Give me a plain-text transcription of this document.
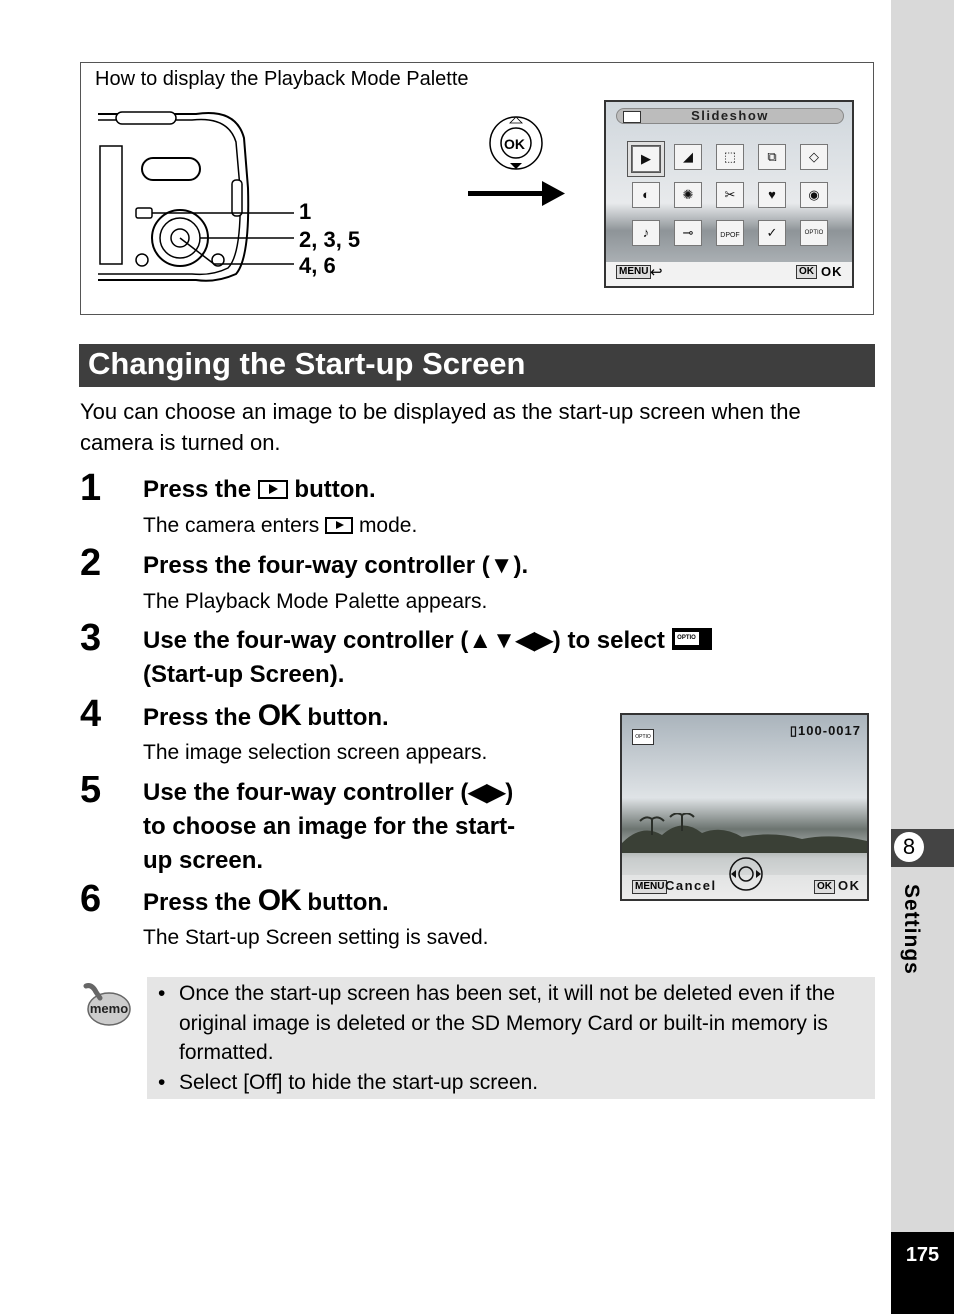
8
Settings
175
How to display the Playback Mode Palette
1
2, 3, 5
4, 6
OK
Slideshow
▶	◢	⬚	⧉	◇
◐	✺	✂	♥	◉
♪	⊸	DPOF	✓	OPTIO
MENU ↩	OK OK
Changing the Start-up Screen
You can choose an image to be displayed as the start-up screen when the camera is turned on.
1 Press the button.
The camera enters mode.
2 Press the four-way controller (▼).
The Playback Mode Palette appears.
3 Use the four-way controller (▲▼◀▶) to select OPTIO
(Start-up Screen).
4 Press the OK button.
The image selection screen appears.
5 Use the four-way controller (◀▶)
to choose an image for the start-
up screen.
6 Press the OK button.
The Start-up Screen setting is saved.
OPTIO	▯100-0017
MENU Cancel	OK OK
memo
• Once the start-up screen has been set, it will not be deleted even if the original image is deleted or the SD Memory Card or built-in memory is formatted.
• Select [Off] to hide the start-up screen.
